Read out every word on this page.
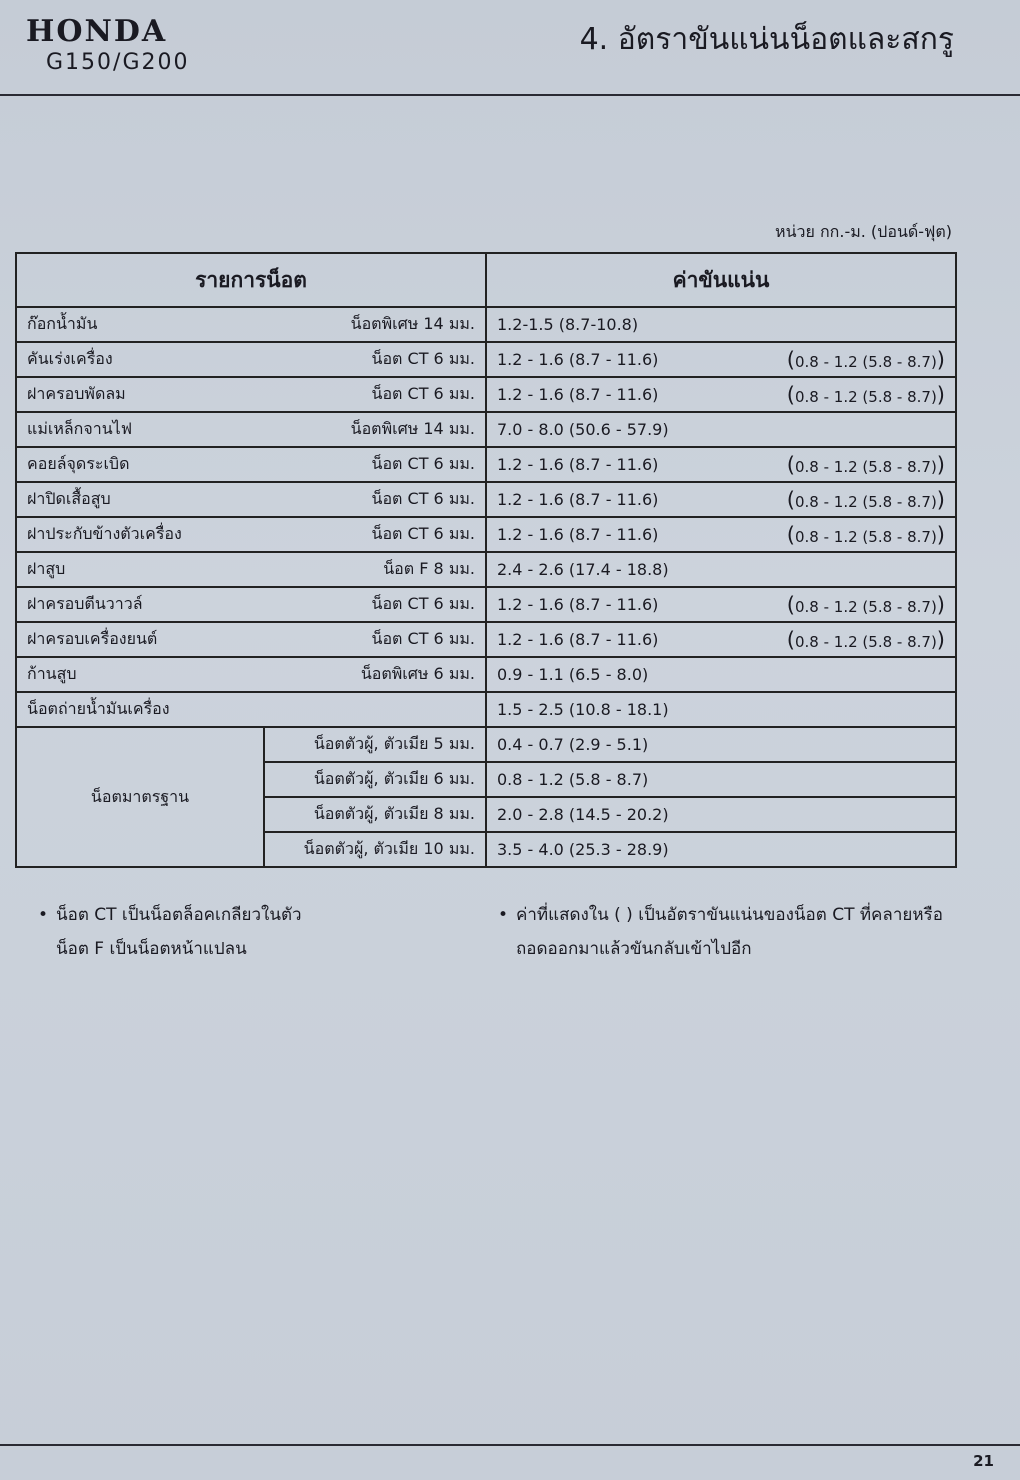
HONDA
G150/G200
4. อัตราขันแน่นน็อตและสกรู
หน่วย กก.-ม. (ปอนด์-ฟุต)
รายการน็อต		ค่าขันแน่น

ก๊อกน้ำมัน น็อตพิเศษ 14 มม.		1.2-1.5 (8.7-10.8)

คันเร่งเครื่อง น็อต CT 6 มม.		1.2 - 1.6 (8.7 - 11.6) ( 0.8 - 1.2 (5.8 - 8.7) )

ฝาครอบพัดลม น็อต CT 6 มม.		1.2 - 1.6 (8.7 - 11.6) ( 0.8 - 1.2 (5.8 - 8.7) )

แม่เหล็กจานไฟ น็อตพิเศษ 14 มม.		7.0 - 8.0 (50.6 - 57.9)

คอยล์จุดระเบิด น็อต CT 6 มม.		1.2 - 1.6 (8.7 - 11.6) ( 0.8 - 1.2 (5.8 - 8.7) )

ฝาปิดเสื้อสูบ น็อต CT 6 มม.		1.2 - 1.6 (8.7 - 11.6) ( 0.8 - 1.2 (5.8 - 8.7) )

ฝาประกับข้างตัวเครื่อง น็อต CT 6 มม.		1.2 - 1.6 (8.7 - 11.6) ( 0.8 - 1.2 (5.8 - 8.7) )

ฝาสูบ น็อต F 8 มม.		2.4 - 2.6 (17.4 - 18.8)

ฝาครอบตีนวาวล์ น็อต CT 6 มม.		1.2 - 1.6 (8.7 - 11.6) ( 0.8 - 1.2 (5.8 - 8.7) )

ฝาครอบเครื่องยนต์ น็อต CT 6 มม.		1.2 - 1.6 (8.7 - 11.6) ( 0.8 - 1.2 (5.8 - 8.7) )

ก้านสูบ น็อตพิเศษ 6 มม.		0.9 - 1.1 (6.5 - 8.0)

น็อตถ่ายน้ำมันเครื่อง		1.5 - 2.5 (10.8 - 18.1)

น็อตมาตรฐาน	น็อตตัวผู้, ตัวเมีย 5 มม.	0.4 - 0.7 (2.9 - 5.1)
	น็อตตัวผู้, ตัวเมีย 6 มม.	0.8 - 1.2 (5.8 - 8.7)
	น็อตตัวผู้, ตัวเมีย 8 มม.	2.0 - 2.8 (14.5 - 20.2)
	น็อตตัวผู้, ตัวเมีย 10 มม.	3.5 - 4.0 (25.3 - 28.9)
• น็อต CT เป็นน็อตล็อคเกลียวในตัว
น็อต F เป็นน็อตหน้าแปลน
• ค่าที่แสดงใน ( ) เป็นอัตราขันแน่นของน็อต CT ที่คลายหรือ
ถอดออกมาแล้วขันกลับเข้าไปอีก
21
